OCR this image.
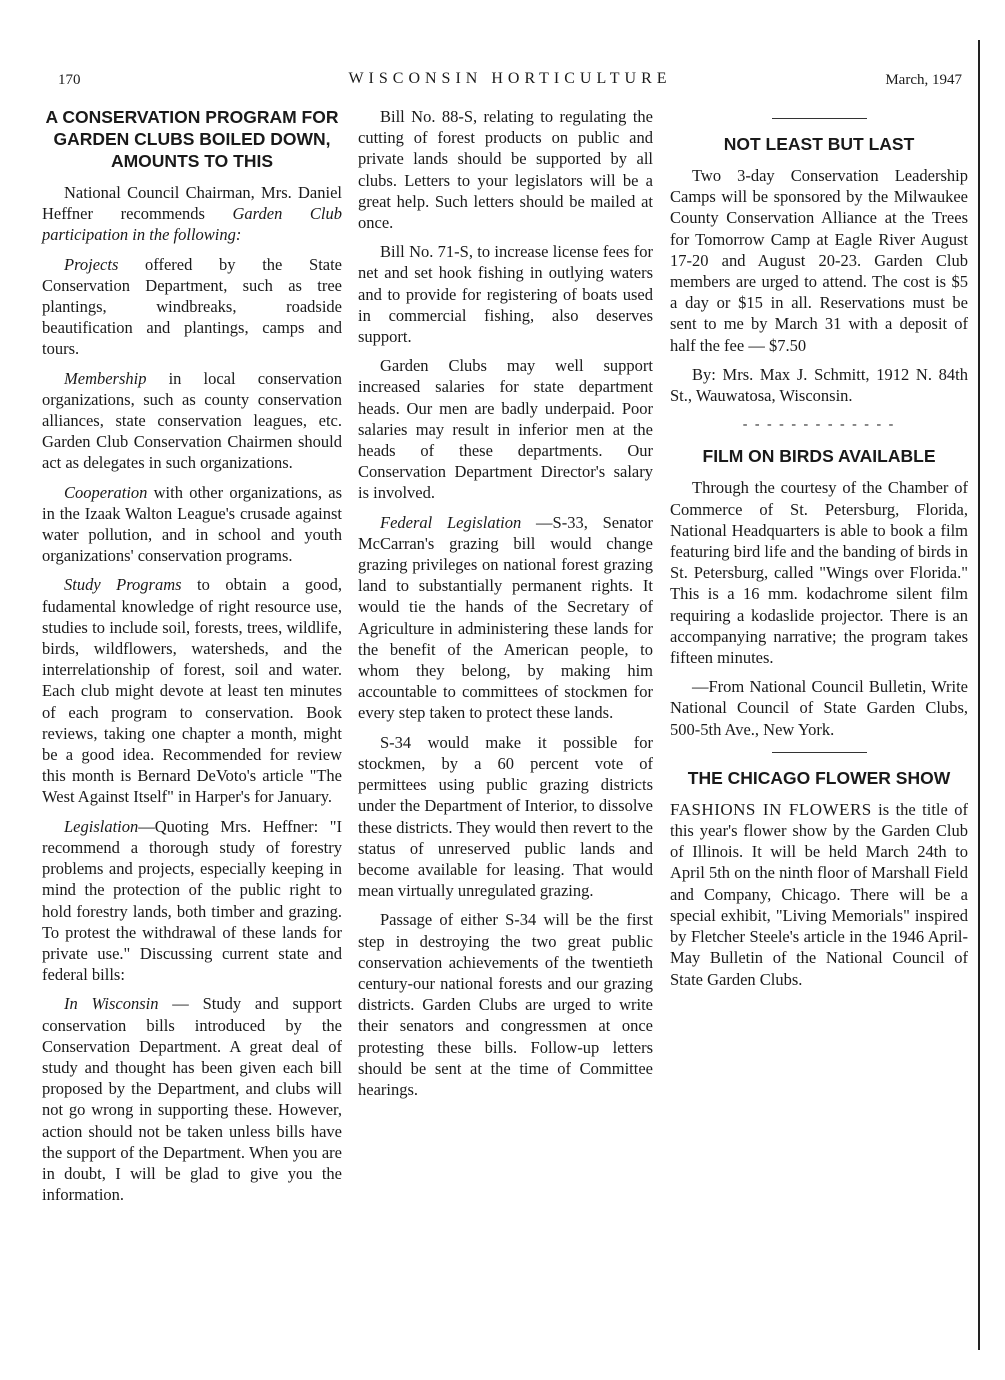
170	WISCONSIN HORTICULTURE	March, 1947
A CONSERVATION PROGRAM FOR GARDEN CLUBS BOILED DOWN, AMOUNTS TO THIS

National Council Chairman, Mrs. Daniel Heffner recommends Garden Club participation in the following:

Projects offered by the State Conservation Department, such as tree plantings, windbreaks, roadside beautification and plantings, camps and tours.

Membership in local conservation organizations, such as county conservation alliances, state conservation leagues, etc. Garden Club Conservation Chairmen should act as delegates in such organizations.

Cooperation with other organizations, as in the Izaak Walton League's crusade against water pollution, and in school and youth organizations' conservation programs.

Study Programs to obtain a good, fudamental knowledge of right resource use, studies to include soil, forests, trees, wildlife, birds, wildflowers, watersheds, and the interrelationship of forest, soil and water. Each club might devote at least ten minutes of each program to conservation. Book reviews, taking one chapter a month, might be a good idea. Recommended for review this month is Bernard DeVoto's article "The West Against Itself" in Harper's for January.

Legislation—Quoting Mrs. Heffner: "I recommend a thorough study of forestry problems and projects, especially keeping in mind the protection of the public right to hold forestry lands, both timber and grazing. To protest the withdrawal of these lands for private use." Discussing current state and federal bills:

In Wisconsin — Study and support conservation bills introduced by the Conservation Department. A great deal of study and thought has been given each bill proposed by the Department, and clubs will not go wrong in supporting these. However, action should not be taken unless bills have the support of the Department. When you are in doubt, I will be glad to give you the information.

Bill No. 88-S, relating to regulating the cutting of forest products on public and private lands should be supported by all clubs. Letters to your legislators will be a great help. Such letters should be mailed at once.

Bill No. 71-S, to increase license fees for net and set hook fishing in outlying waters and to provide for registering of boats used in commercial fishing, also deserves support.

Garden Clubs may well support increased salaries for state department heads. Our men are badly underpaid. Poor salaries may result in inferior men at the heads of these departments. Our Conservation Department Director's salary is involved.

Federal Legislation —S-33, Senator McCarran's grazing bill would change grazing privileges on national forest grazing land to substantially permanent rights. It would tie the hands of the Secretary of Agriculture in administering these lands for the benefit of the American people, to whom they belong, by making him accountable to committees of stockmen for every step taken to protect these lands.

S-34 would make it possible for stockmen, by a 60 percent vote of permittees using public grazing districts under the Department of Interior, to dissolve these districts. They would then revert to the status of unreserved public lands and become available for leasing. That would mean virtually unregulated grazing.

Passage of either S-34 will be the first step in destroying the two great public conservation achievements of the twentieth century-our national forests and our grazing districts. Garden Clubs are urged to write their senators and congressmen at once protesting these bills. Follow-up letters should be sent at the time of Committee hearings.

NOT LEAST BUT LAST

Two 3-day Conservation Leadership Camps will be sponsored by the Milwaukee County Conservation Alliance at the Trees for Tomorrow Camp at Eagle River August 17-20 and August 20-23. Garden Club members are urged to attend. The cost is $5 a day or $15 in all. Reservations must be sent to me by March 31 with a deposit of half the fee — $7.50

By: Mrs. Max J. Schmitt, 1912 N. 84th St., Wauwatosa, Wisconsin.

- - - - - - - - - - - - -
FILM ON BIRDS AVAILABLE

Through the courtesy of the Chamber of Commerce of St. Petersburg, Florida, National Headquarters is able to book a film featuring bird life and the banding of birds in St. Petersburg, called "Wings over Florida." This is a 16 mm. kodachrome silent film requiring a kodaslide projector. There is an accompanying narrative; the program takes fifteen minutes.

—From National Council Bulletin, Write National Council of State Garden Clubs, 500-5th Ave., New York.

THE CHICAGO FLOWER SHOW

FASHIONS IN FLOWERS is the title of this year's flower show by the Garden Club of Illinois. It will be held March 24th to April 5th on the ninth floor of Marshall Field and Company, Chicago. There will be a special exhibit, "Living Memorials" inspired by Fletcher Steele's article in the 1946 April-May Bulletin of the National Council of State Garden Clubs.
